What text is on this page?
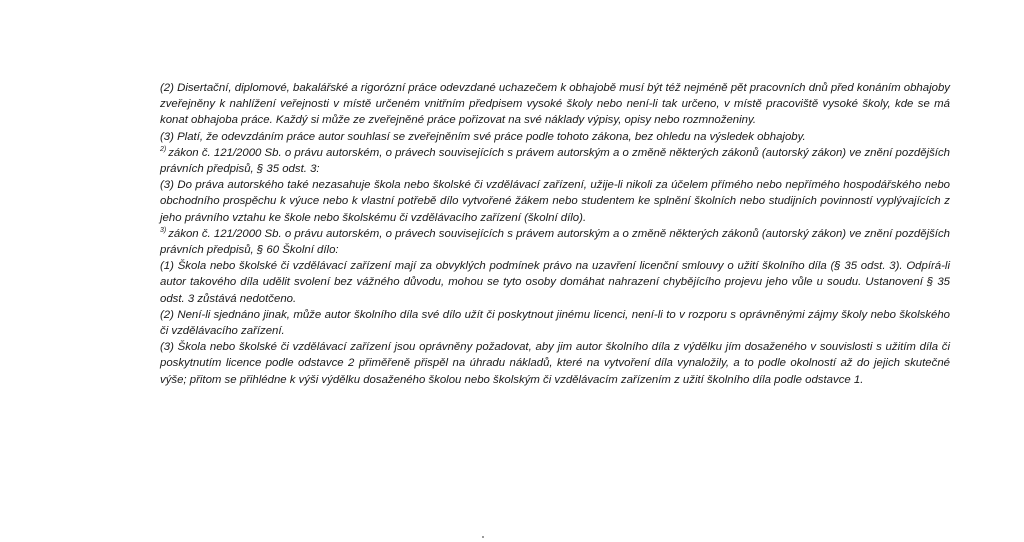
(2) Disertační, diplomové, bakalářské a rigorózní práce odevzdané uchazečem k obhajobě musí být též nejméně pět pracovních dnů před konáním obhajoby zveřejněny k nahlížení veřejnosti v místě určeném vnitřním předpisem vysoké školy nebo není-li tak určeno, v místě pracoviště vysoké školy, kde se má konat obhajoba práce. Každý si může ze zveřejněné práce pořizovat na své náklady výpisy, opisy nebo rozmnoženiny.

(3) Platí, že odevzdáním práce autor souhlasí se zveřejněním své práce podle tohoto zákona, bez ohledu na výsledek obhajoby.

$^{2)}$ zákon č. 121/2000 Sb. o právu autorském, o právech souvisejících s právem autorským a o změně některých zákonů (autorský zákon) ve znění pozdějších právních předpisů, § 35 odst. 3:

(3) Do práva autorského také nezasahuje škola nebo školské či vzdělávací zařízení, užije-li nikoli za účelem přímého nebo nepřímého hospodářského nebo obchodního prospěchu k výuce nebo k vlastní potřebě dílo vytvořené žákem nebo studentem ke splnění školních nebo studijních povinností vyplývajících z jeho právního vztahu ke škole nebo školskému či vzdělávacího zařízení (školní dílo).

$^{3)}$ zákon č. 121/2000 Sb. o právu autorském, o právech souvisejících s právem autorským a o změně některých zákonů (autorský zákon) ve znění pozdějších právních předpisů, § 60 Školní dílo:

(1) Škola nebo školské či vzdělávací zařízení mají za obvyklých podmínek právo na uzavření licenční smlouvy o užití školního díla (§ 35 odst. 3). Odpírá-li autor takového díla udělit svolení bez vážného důvodu, mohou se tyto osoby domáhat nahrazení chybějícího projevu jeho vůle u soudu. Ustanovení § 35 odst. 3 zůstává nedotčeno.

(2) Není-li sjednáno jinak, může autor školního díla své dílo užít či poskytnout jinému licenci, není-li to v rozporu s oprávněnými zájmy školy nebo školského či vzdělávacího zařízení.

(3) Škola nebo školské či vzdělávací zařízení jsou oprávněny požadovat, aby jim autor školního díla z výdělku jím dosaženého v souvislosti s užitím díla či poskytnutím licence podle odstavce 2 přiměřeně přispěl na úhradu nákladů, které na vytvoření díla vynaložily, a to podle okolností až do jejich skutečné výše; přitom se přihlédne k výši výdělku dosaženého školou nebo školským či vzdělávacím zařízením z užití školního díla podle odstavce 1.
